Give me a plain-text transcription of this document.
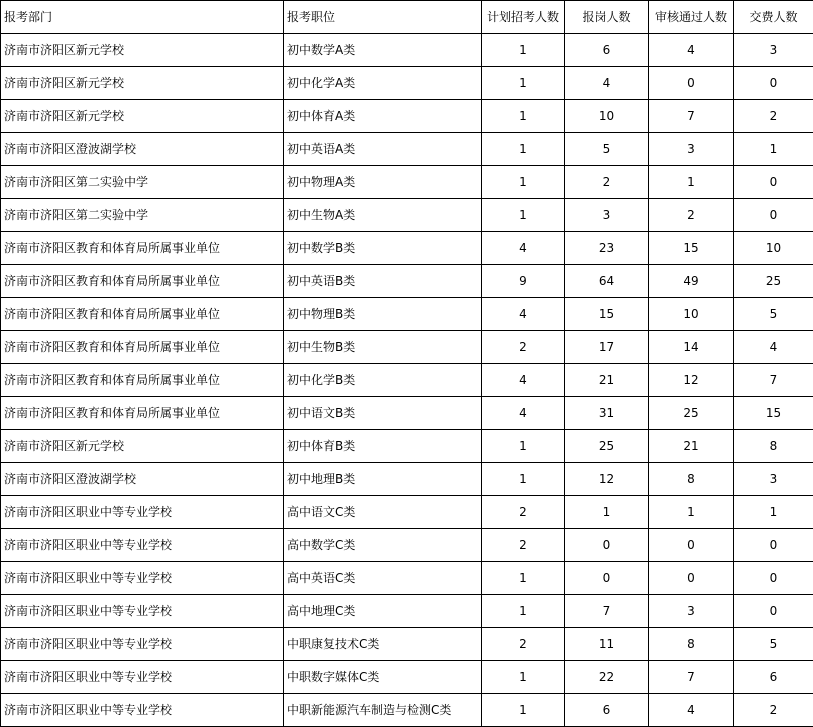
报考部门	报考职位	计划招考人数	报岗人数	审核通过人数	交费人数
济南市济阳区新元学校	初中数学A类	1	6	4	3
济南市济阳区新元学校	初中化学A类	1	4	0	0
济南市济阳区新元学校	初中体育A类	1	10	7	2
济南市济阳区澄波湖学校	初中英语A类	1	5	3	1
济南市济阳区第二实验中学	初中物理A类	1	2	1	0
济南市济阳区第二实验中学	初中生物A类	1	3	2	0
济南市济阳区教育和体育局所属事业单位	初中数学B类	4	23	15	10
济南市济阳区教育和体育局所属事业单位	初中英语B类	9	64	49	25
济南市济阳区教育和体育局所属事业单位	初中物理B类	4	15	10	5
济南市济阳区教育和体育局所属事业单位	初中生物B类	2	17	14	4
济南市济阳区教育和体育局所属事业单位	初中化学B类	4	21	12	7
济南市济阳区教育和体育局所属事业单位	初中语文B类	4	31	25	15
济南市济阳区新元学校	初中体育B类	1	25	21	8
济南市济阳区澄波湖学校	初中地理B类	1	12	8	3
济南市济阳区职业中等专业学校	高中语文C类	2	1	1	1
济南市济阳区职业中等专业学校	高中数学C类	2	0	0	0
济南市济阳区职业中等专业学校	高中英语C类	1	0	0	0
济南市济阳区职业中等专业学校	高中地理C类	1	7	3	0
济南市济阳区职业中等专业学校	中职康复技术C类	2	11	8	5
济南市济阳区职业中等专业学校	中职数字媒体C类	1	22	7	6
济南市济阳区职业中等专业学校	中职新能源汽车制造与检测C类	1	6	4	2
